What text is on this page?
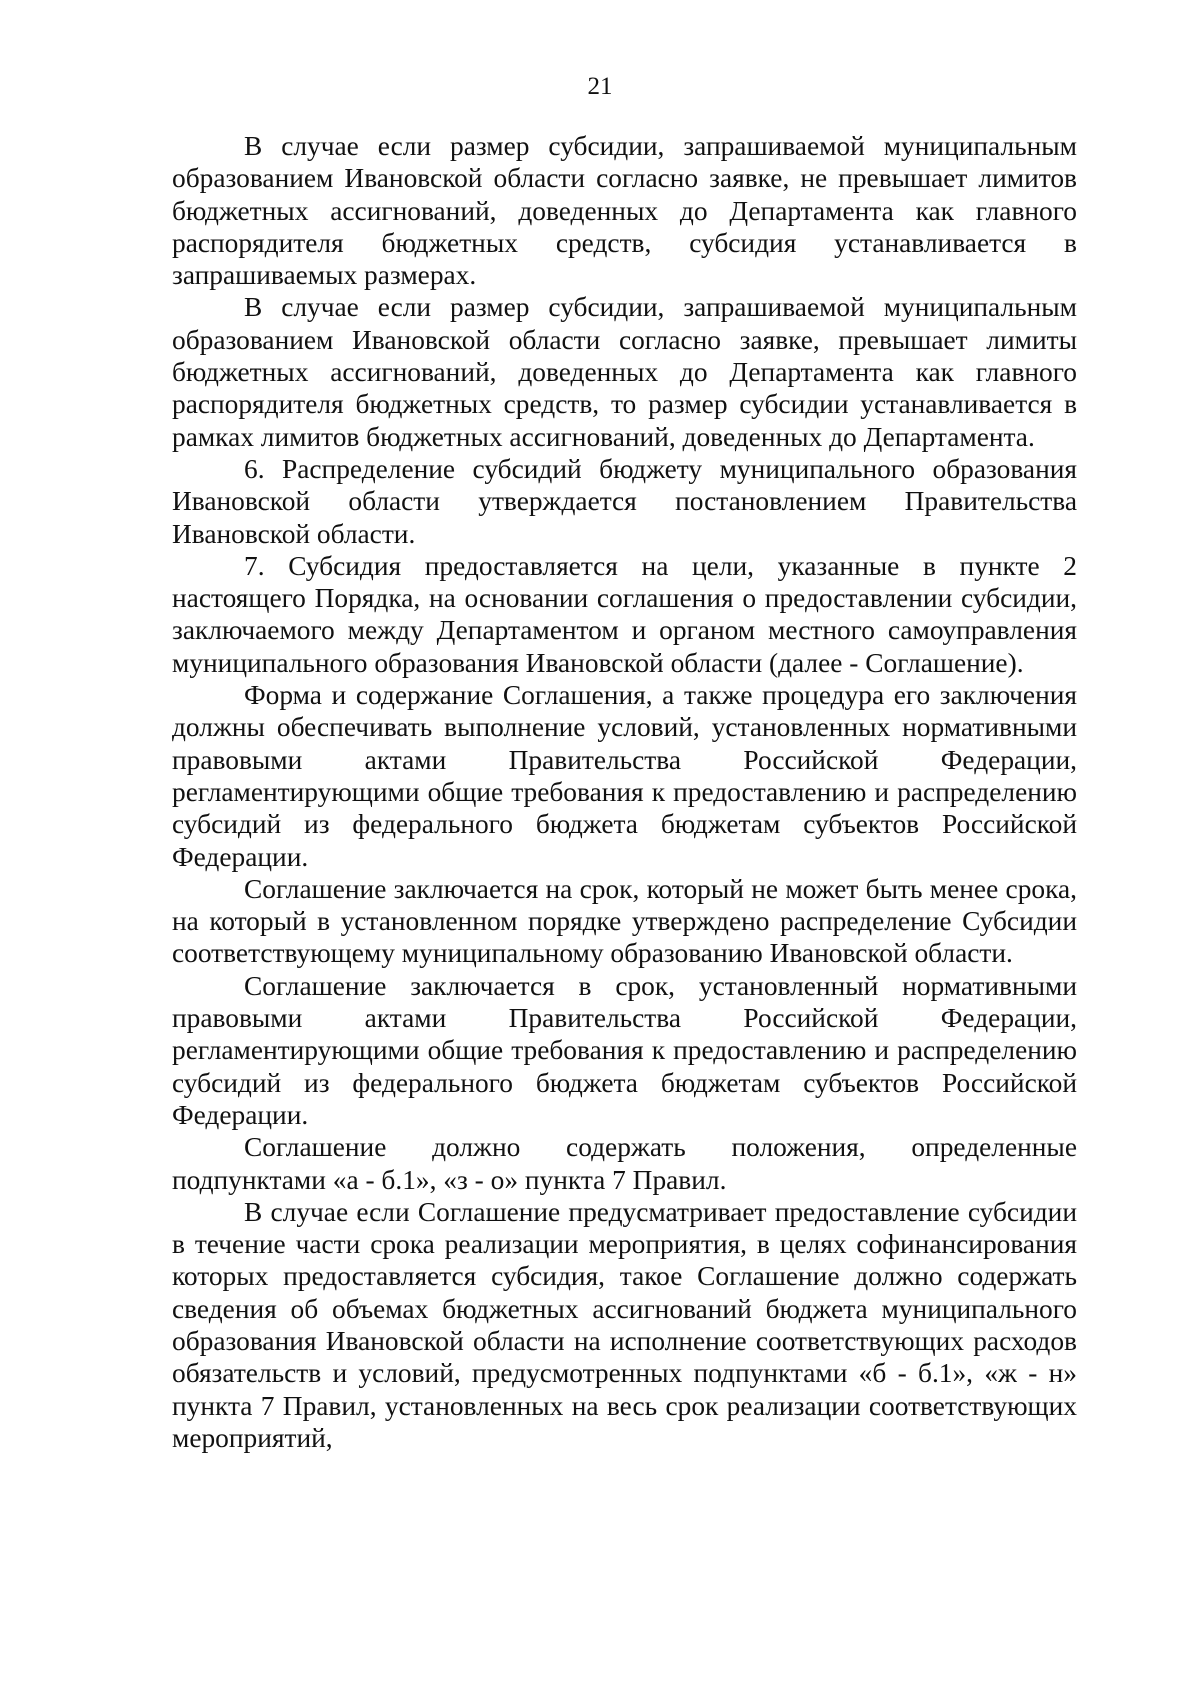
21

В случае если размер субсидии, запрашиваемой муниципальным образованием Ивановской области согласно заявке, не превышает лимитов бюджетных ассигнований, доведенных до Департамента как главного распорядителя бюджетных средств, субсидия устанавливается в запрашиваемых размерах.

В случае если размер субсидии, запрашиваемой муниципальным образованием Ивановской области согласно заявке, превышает лимиты бюджетных ассигнований, доведенных до Департамента как главного распорядителя бюджетных средств, то размер субсидии устанавливается в рамках лимитов бюджетных ассигнований, доведенных до Департамента.

6. Распределение субсидий бюджету муниципального образования Ивановской области утверждается постановлением Правительства Ивановской области.

7. Субсидия предоставляется на цели, указанные в пункте 2 настоящего Порядка, на основании соглашения о предоставлении субсидии, заключаемого между Департаментом и органом местного самоуправления муниципального образования Ивановской области (далее - Соглашение).

Форма и содержание Соглашения, а также процедура его заключения должны обеспечивать выполнение условий, установленных нормативными правовыми актами Правительства Российской Федерации, регламентирующими общие требования к предоставлению и распределению субсидий из федерального бюджета бюджетам субъектов Российской Федерации.

Соглашение заключается на срок, который не может быть менее срока, на который в установленном порядке утверждено распределение Субсидии соответствующему муниципальному образованию Ивановской области.

Соглашение заключается в срок, установленный нормативными правовыми актами Правительства Российской Федерации, регламентирующими общие требования к предоставлению и распределению субсидий из федерального бюджета бюджетам субъектов Российской Федерации.

Соглашение должно содержать положения, определенные подпунктами «а - б.1», «з - о» пункта 7 Правил.

В случае если Соглашение предусматривает предоставление субсидии в течение части срока реализации мероприятия, в целях софинансирования которых предоставляется субсидия, такое Соглашение должно содержать сведения об объемах бюджетных ассигнований бюджета муниципального образования Ивановской области на исполнение соответствующих расходов обязательств и условий, предусмотренных подпунктами «б - б.1», «ж - н» пункта 7 Правил, установленных на весь срок реализации соответствующих мероприятий,
